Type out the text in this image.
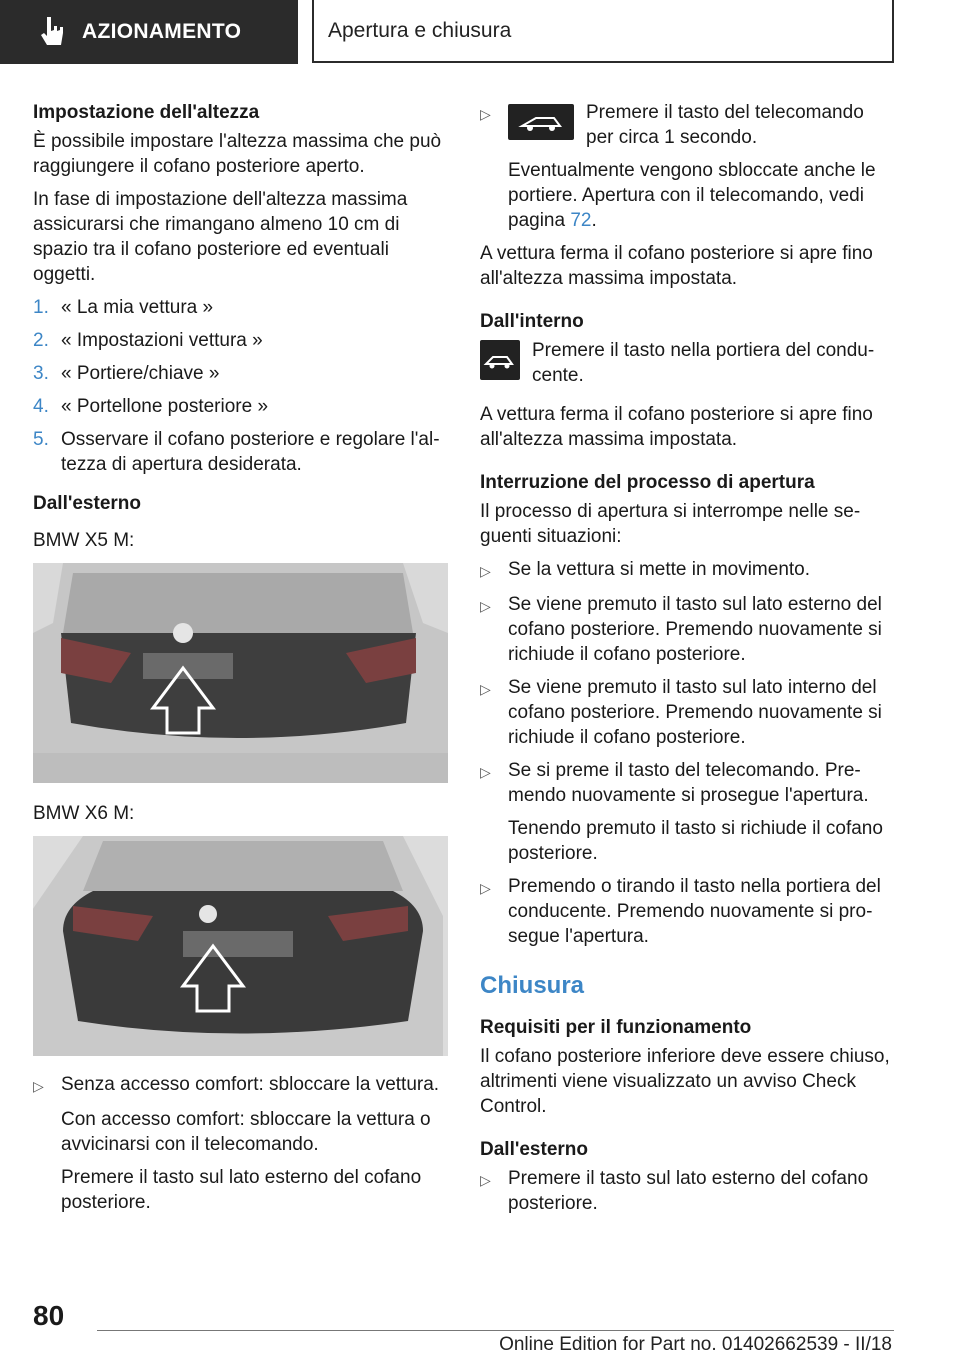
AZIONAMENTO	Apertura e chiusura
Impostazione dell'altezza

È possibile impostare l'altezza massima che può raggiungere il cofano posteriore aperto.

In fase di impostazione dell'altezza massima assicurarsi che rimangano almeno 10 cm di spazio tra il cofano posteriore ed eventuali oggetti.

1. « La mia vettura »
2. « Impostazioni vettura »
3. « Portiere/chiave »
4. « Portellone posteriore »
5. Osservare il cofano posteriore e regolare l'altezza di apertura desiderata.
Dall'esterno

BMW X5 M:

BMW X6 M:

▷ Senza accesso comfort: sbloccare la vettura.

Con accesso comfort: sbloccare la vettura o avvicinarsi con il telecomando.

Premere il tasto sul lato esterno del cofano posteriore.

▷	Premere il tasto del telecomando per circa 1 secondo.

Eventualmente vengono sbloccate anche le portiere. Apertura con il telecomando, vedi pagina 72.

A vettura ferma il cofano posteriore si apre fino all'altezza massima impostata.

Dall'interno
Premere il tasto nella portiera del conducente.

A vettura ferma il cofano posteriore si apre fino all'altezza massima impostata.

Interruzione del processo di apertura

Il processo di apertura si interrompe nelle seguenti situazioni:

▷ Se la vettura si mette in movimento.
▷ Se viene premuto il tasto sul lato esterno del cofano posteriore. Premendo nuovamente si richiude il cofano posteriore.
▷ Se viene premuto il tasto sul lato interno del cofano posteriore. Premendo nuovamente si richiude il cofano posteriore.
▷ Se si preme il tasto del telecomando. Premendo nuovamente si prosegue l'apertura.

Tenendo premuto il tasto si richiude il cofano posteriore.

▷ Premendo o tirando il tasto nella portiera del conducente. Premendo nuovamente si prosegue l'apertura.
Chiusura
Requisiti per il funzionamento

Il cofano posteriore inferiore deve essere chiuso, altrimenti viene visualizzato un avviso Check Control.

Dall'esterno
▷ Premere il tasto sul lato esterno del cofano posteriore.
80
Online Edition for Part no. 01402662539 - II/18
